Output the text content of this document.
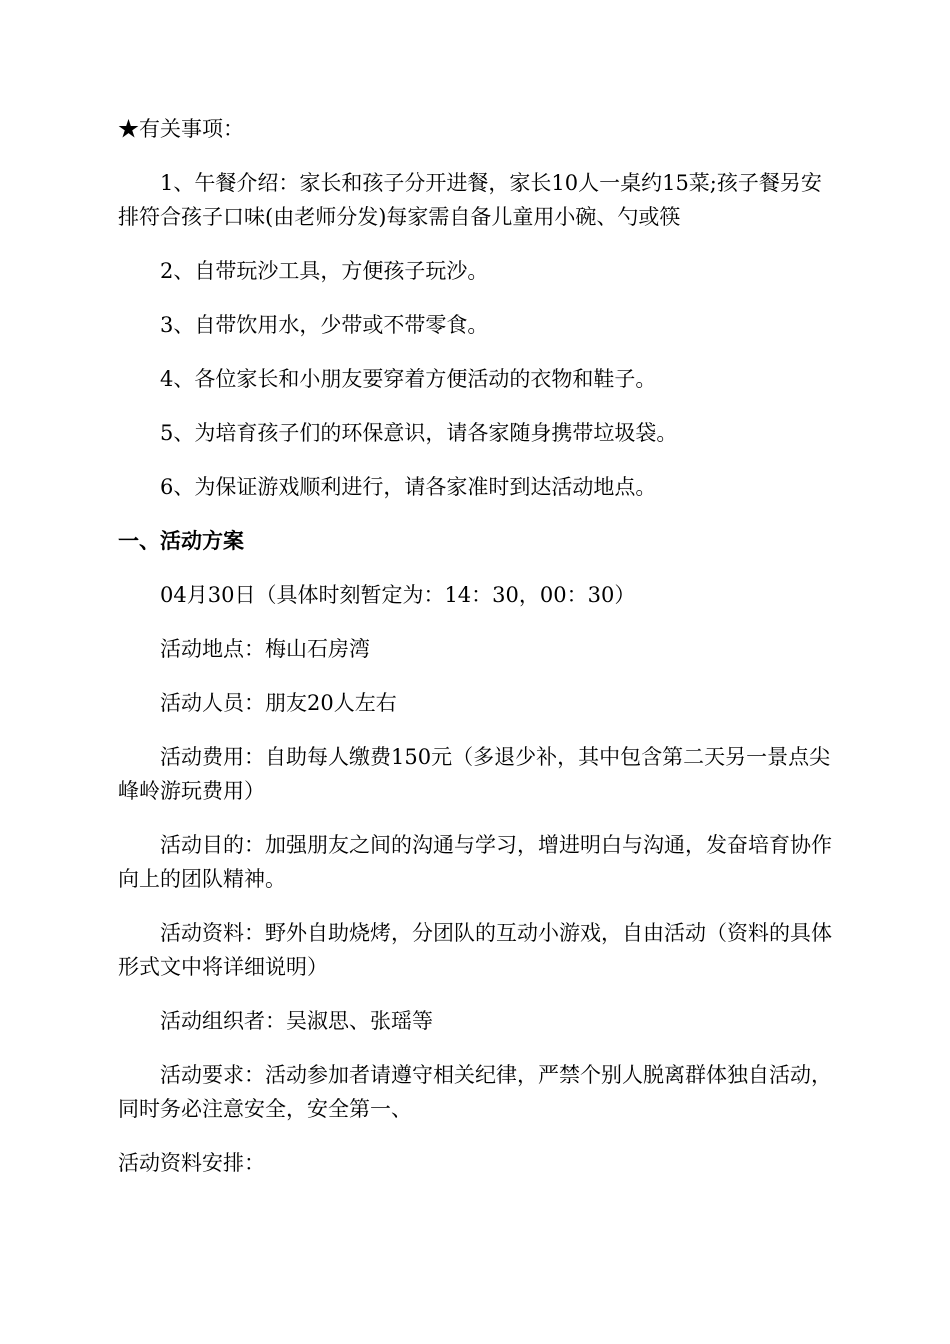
★有关事项：

1、午餐介绍：家长和孩子分开进餐，家长10人一桌约15菜;孩子餐另安排符合孩子口味(由老师分发)每家需自备儿童用小碗、勺或筷

2、自带玩沙工具，方便孩子玩沙。

3、自带饮用水，少带或不带零食。

4、各位家长和小朋友要穿着方便活动的衣物和鞋子。

5、为培育孩子们的环保意识，请各家随身携带垃圾袋。

6、为保证游戏顺利进行，请各家准时到达活动地点。

一、活动方案

04月30日（具体时刻暂定为：14：30，00：30）

活动地点：梅山石房湾

活动人员：朋友20人左右

活动费用：自助每人缴费150元（多退少补，其中包含第二天另一景点尖峰岭游玩费用）

活动目的：加强朋友之间的沟通与学习，增进明白与沟通，发奋培育协作向上的团队精神。

活动资料：野外自助烧烤，分团队的互动小游戏，自由活动（资料的具体形式文中将详细说明）

活动组织者：吴淑思、张瑶等

活动要求：活动参加者请遵守相关纪律，严禁个别人脱离群体独自活动，同时务必注意安全，安全第一、

活动资料安排：
